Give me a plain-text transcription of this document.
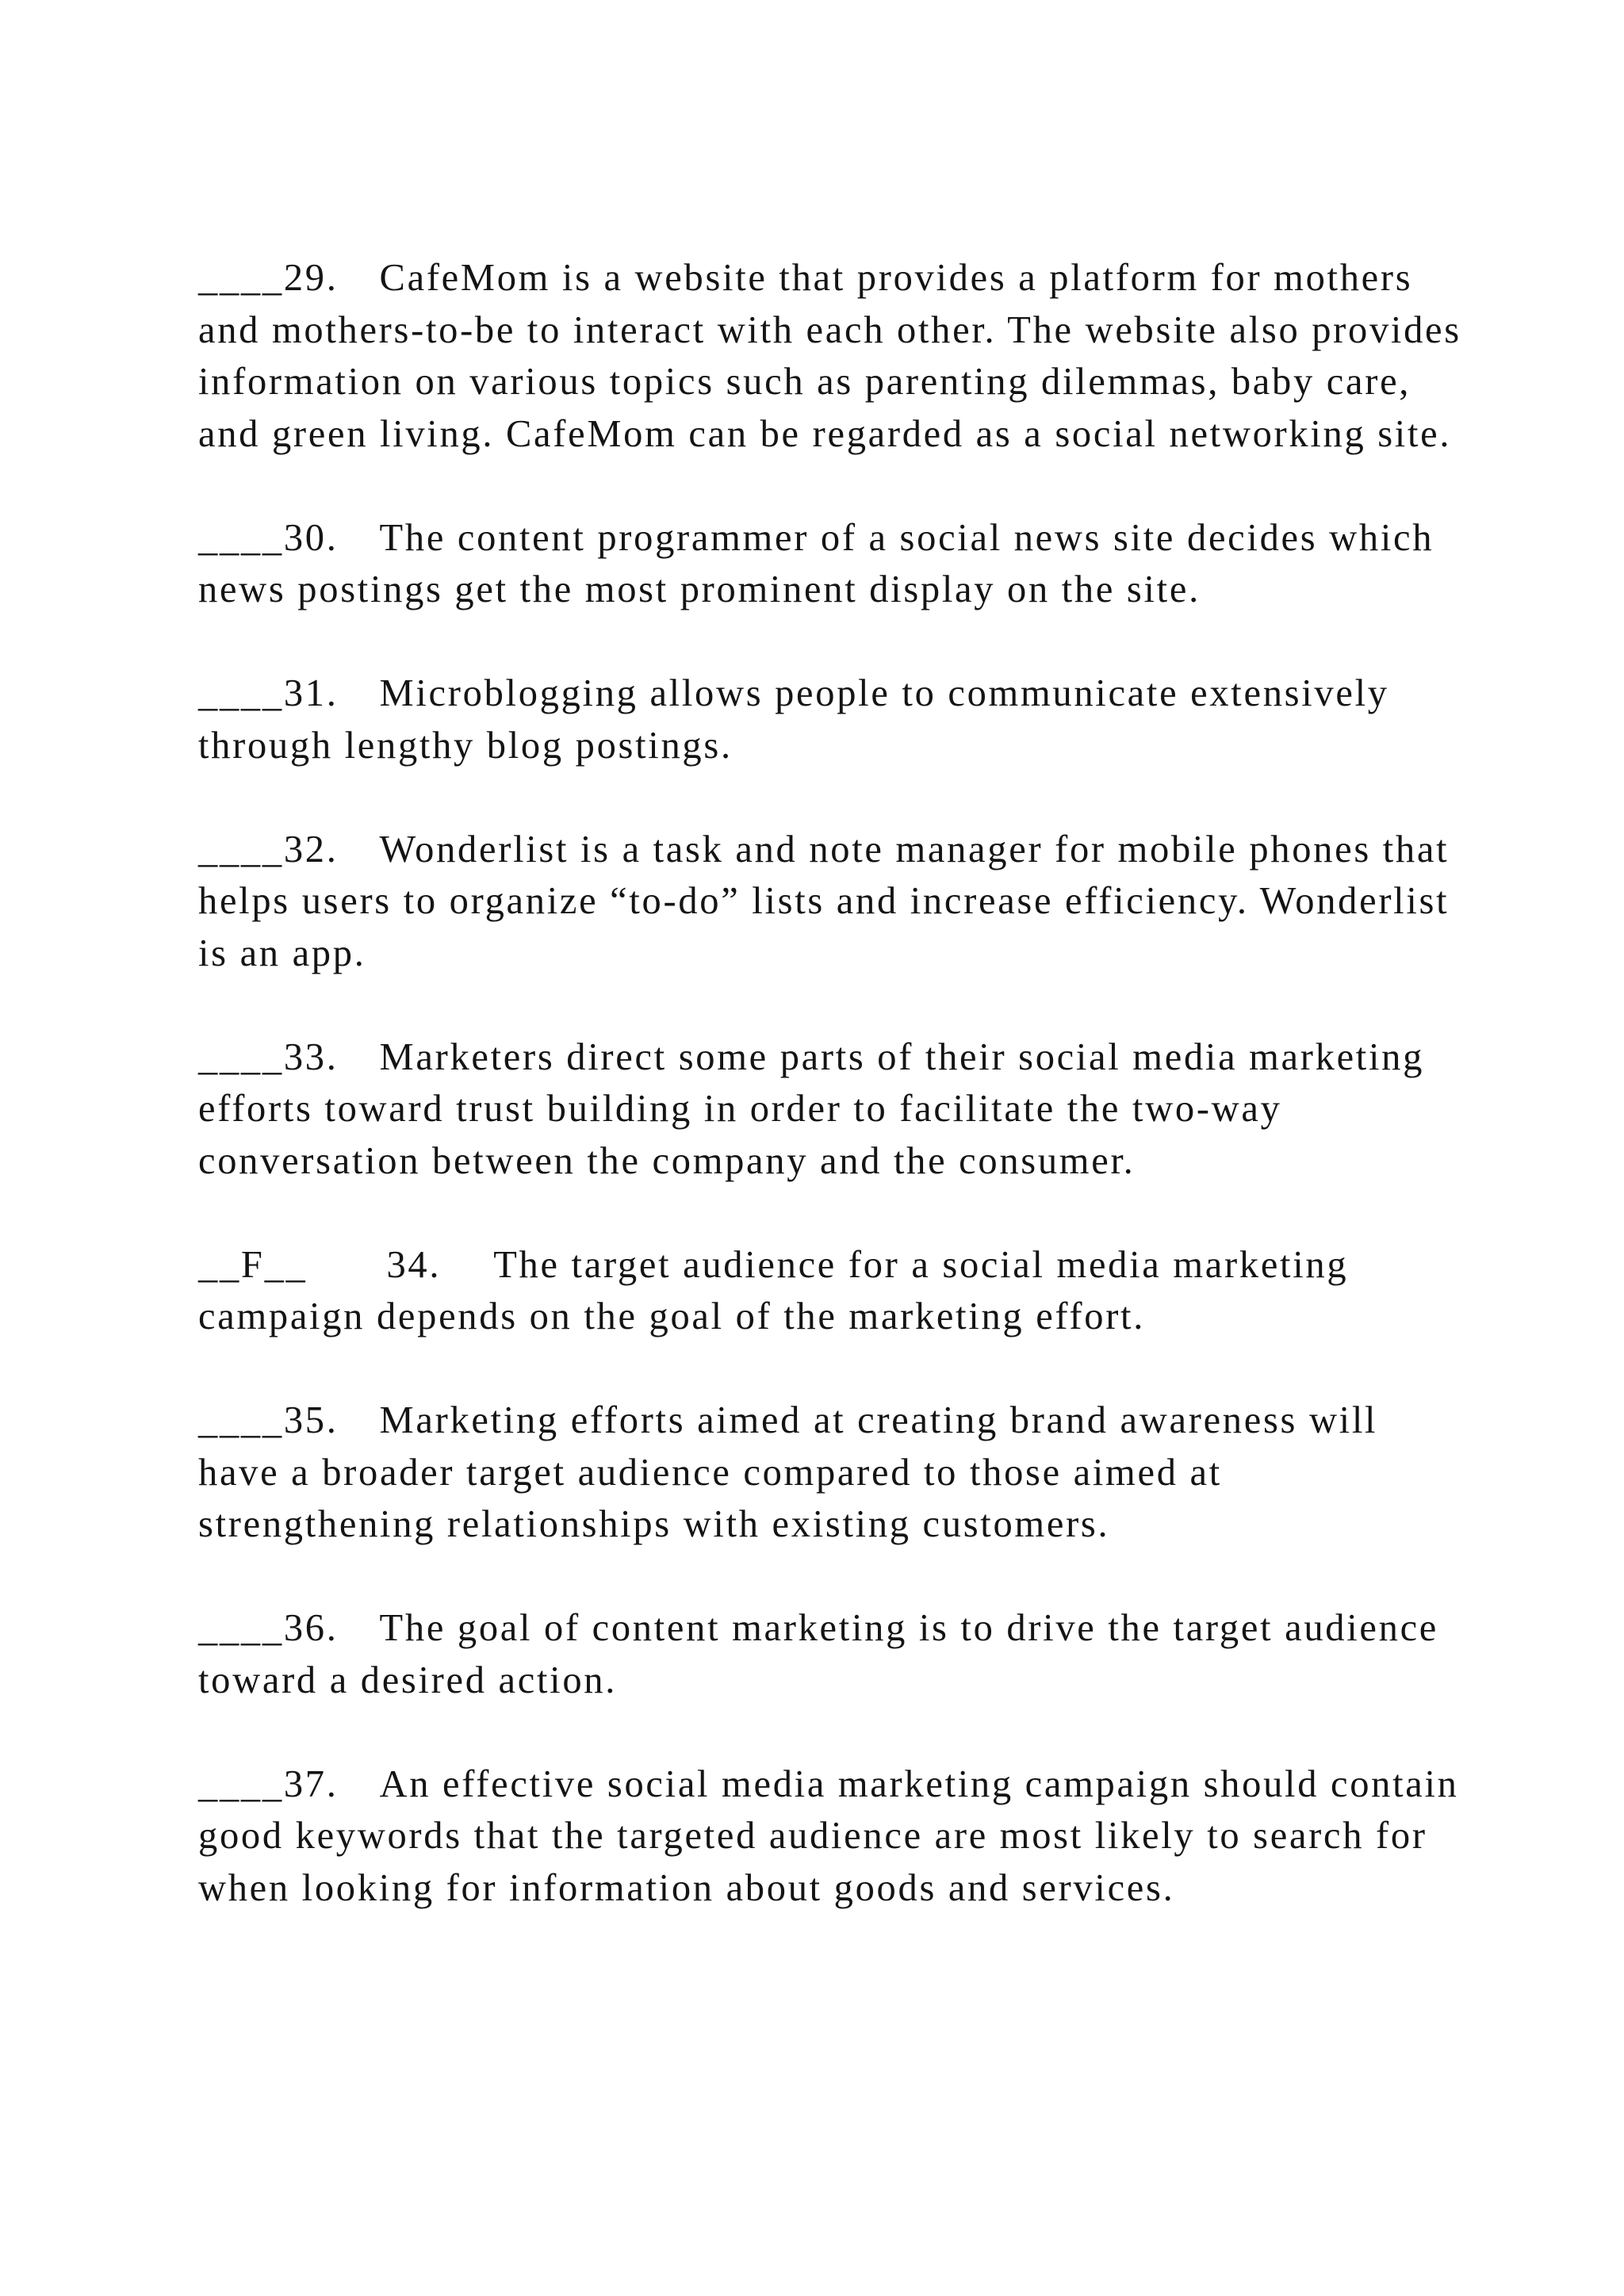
____29. CafeMom is a website that provides a platform for mothers and mothers-to-be to interact with each other. The website also provides information on various topics such as parenting dilemmas, baby care, and green living. CafeMom can be regarded as a social networking site.

____30. The content programmer of a social news site decides which news postings get the most prominent display on the site.

____31. Microblogging allows people to communicate extensively through lengthy blog postings.

____32. Wonderlist is a task and note manager for mobile phones that helps users to organize “to-do” lists and increase efficiency. Wonderlist is an app.

____33. Marketers direct some parts of their social media marketing efforts toward trust building in order to facilitate the two-way conversation between the company and the consumer.

__F__ 34. The target audience for a social media marketing campaign depends on the goal of the marketing effort.

____35. Marketing efforts aimed at creating brand awareness will have a broader target audience compared to those aimed at strengthening relationships with existing customers.

____36. The goal of content marketing is to drive the target audience toward a desired action.

____37. An effective social media marketing campaign should contain good keywords that the targeted audience are most likely to search for when looking for information about goods and services.
